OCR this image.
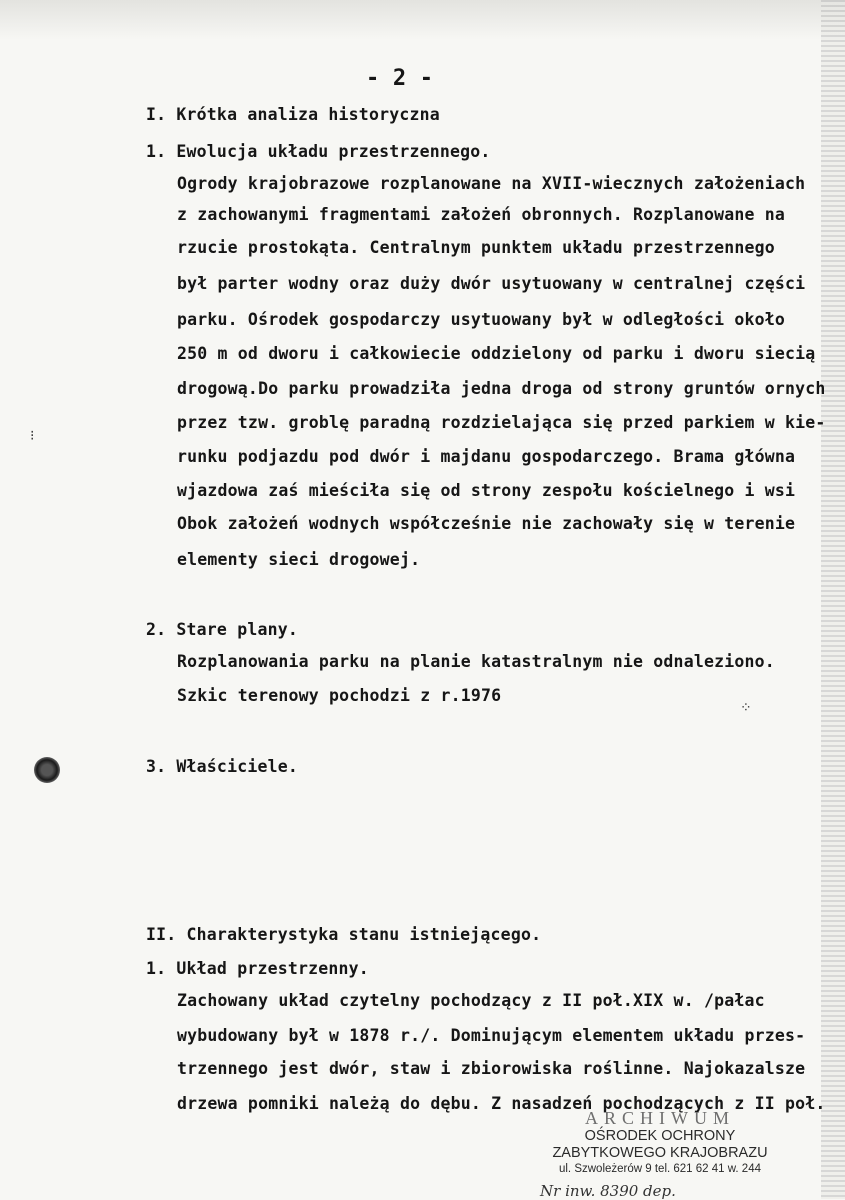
- 2 -
I. Krótka analiza historyczna
1. Ewolucja układu przestrzennego.
Ogrody krajobrazowe rozplanowane na XVII-wiecznych założeniach
z zachowanymi fragmentami założeń obronnych. Rozplanowane na
rzucie prostokąta. Centralnym punktem układu przestrzennego
był parter wodny oraz duży dwór usytuowany w centralnej części
parku. Ośrodek gospodarczy usytuowany był w odległości około
250 m od dworu i całkowiecie oddzielony od parku i dworu siecią
drogową.Do parku prowadziła jedna droga od strony gruntów ornych
przez tzw. groblę paradną rozdzielająca się przed parkiem w kie-
runku podjazdu pod dwór i majdanu gospodarczego. Brama główna
wjazdowa zaś mieściła się od strony zespołu kościelnego i wsi
Obok założeń wodnych współcześnie nie zachowały się w terenie
elementy sieci drogowej.
2. Stare plany.
Rozplanowania parku na planie katastralnym nie odnaleziono.
Szkic terenowy pochodzi z r.1976
3. Właściciele.
II. Charakterystyka stanu istniejącego.
1. Układ przestrzenny.
Zachowany układ czytelny pochodzący z II poł.XIX w. /pałac
wybudowany był w 1878 r./. Dominującym elementem układu przes-
trzennego jest dwór, staw i zbiorowiska roślinne. Najokazalsze
drzewa pomniki należą do dębu. Z nasadzeń pochodzących z II poł.
⁝
⁘
ARCHIWUM
OŚRODEK OCHRONY
ZABYTKOWEGO KRAJOBRAZU
ul. Szwoleżerów 9 tel. 621 62 41 w. 244
Nr inw. 8390 dep.
